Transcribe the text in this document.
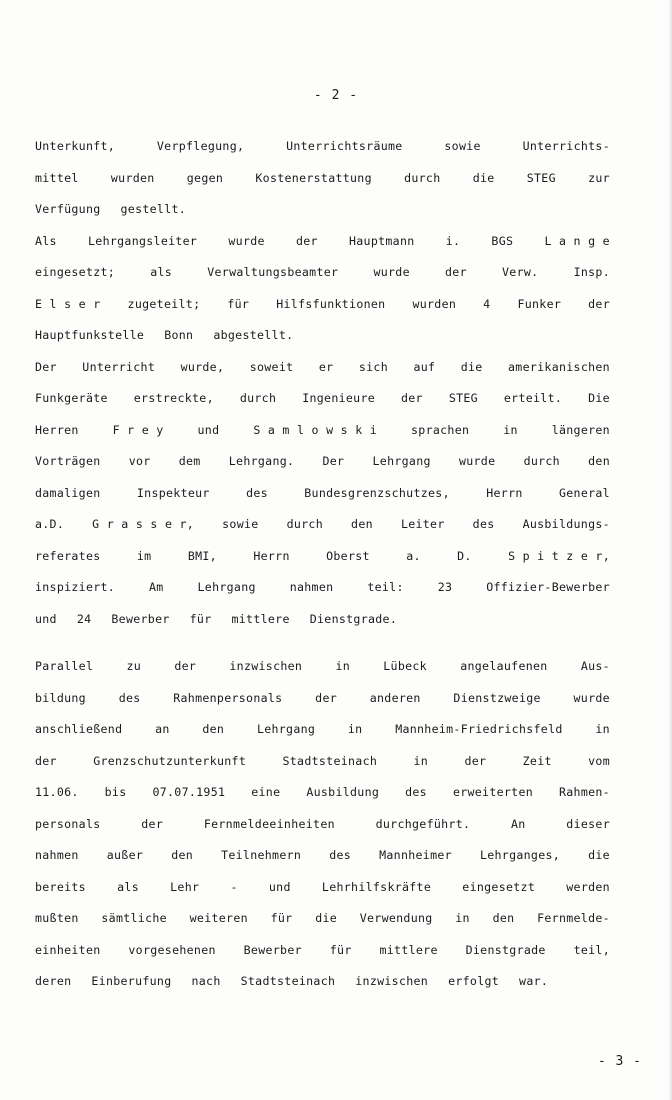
- 2 -
Unterkunft,	Verpflegung,	Unterrichtsräume	sowie	Unterrichts-
mittel	wurden	gegen	Kostenerstattung	durch	die	STEG	zur
Verfügung gestellt.
Als	Lehrgangsleiter	wurde	der	Hauptmann	i.	BGS	L a n g e
eingesetzt;	als	Verwaltungsbeamter	wurde	der	Verw.	Insp.
E l s e r zugeteilt; für Hilfsfunktionen wurden 4 Funker der
Hauptfunkstelle Bonn abgestellt.
Der Unterricht wurde, soweit er sich auf die amerikanischen
Funkgeräte erstreckte, durch Ingenieure der STEG erteilt. Die
Herren	F r e y	und	S a m l o w s k i	sprachen	in	längeren
Vorträgen vor dem Lehrgang. Der Lehrgang wurde durch den
damaligen	Inspekteur	des	Bundesgrenzschutzes,	Herrn	General
a.D. G r a s s e r, sowie durch den Leiter des Ausbildungs-
referates	im	BMI,	Herrn	Oberst	a.	D.	S p i t z e r,
inspiziert.	Am	Lehrgang	nahmen	teil:	23	Offizier-Bewerber
und 24 Bewerber für mittlere Dienstgrade.
Parallel	zu	der	inzwischen	in	Lübeck	angelaufenen	Aus-
bildung	des	Rahmenpersonals	der	anderen	Dienstzweige	wurde
anschließend	an	den	Lehrgang	in	Mannheim-Friedrichsfeld	in
der	Grenzschutzunterkunft	Stadtsteinach	in	der	Zeit	vom
11.06. bis 07.07.1951 eine Ausbildung des erweiterten Rahmen-
personals	der	Fernmeldeeinheiten	durchgeführt.	An	dieser
nahmen außer den Teilnehmern des Mannheimer Lehrganges, die
bereits	als	Lehr	-	und	Lehrhilfskräfte	eingesetzt	werden
mußten sämtliche weiteren für die Verwendung in den Fernmelde-
einheiten vorgesehenen Bewerber für mittlere Dienstgrade teil,
deren Einberufung nach Stadtsteinach inzwischen erfolgt war.
- 3 -
